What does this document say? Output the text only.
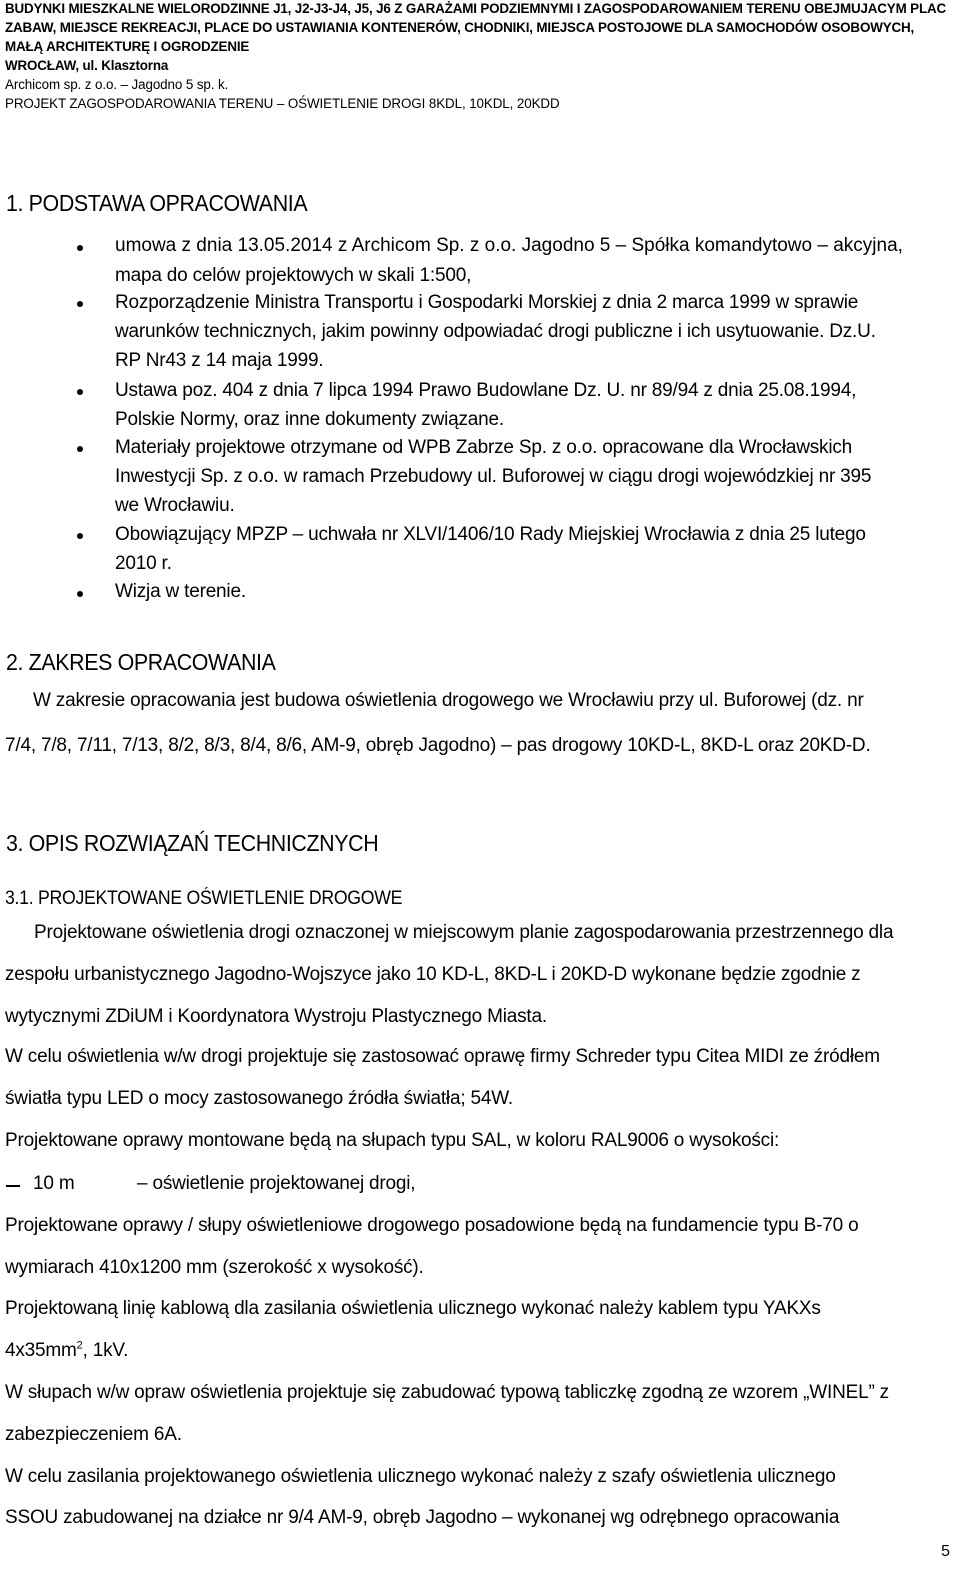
BUDYNKI MIESZKALNE WIELORODZINNE J1, J2-J3-J4, J5, J6 Z GARAŻAMI PODZIEMNYMI I ZAGOSPODAROWANIEM TERENU OBEJMUJACYM PLAC
ZABAW, MIEJSCE REKREACJI, PLACE DO USTAWIANIA KONTENERÓW, CHODNIKI, MIEJSCA POSTOJOWE DLA SAMOCHODÓW OSOBOWYCH,
MAŁĄ ARCHITEKTURĘ I OGRODZENIE
WROCŁAW, ul. Klasztorna
Archicom sp. z o.o. – Jagodno 5 sp. k.
PROJEKT ZAGOSPODAROWANIA TERENU – OŚWIETLENIE DROGI 8KDL, 10KDL, 20KDD
1. PODSTAWA OPRACOWANIA
umowa z dnia 13.05.2014 z Archicom Sp. z o.o. Jagodno 5 – Spółka komandytowo – akcyjna,
mapa do celów projektowych w skali 1:500,
Rozporządzenie Ministra Transportu i Gospodarki Morskiej z dnia 2 marca 1999 w sprawie
warunków technicznych, jakim powinny odpowiadać drogi publiczne i ich usytuowanie. Dz.U.
RP Nr43 z 14 maja 1999.
Ustawa poz. 404 z dnia 7 lipca 1994 Prawo Budowlane Dz. U. nr 89/94 z dnia 25.08.1994,
Polskie Normy, oraz inne dokumenty związane.
Materiały projektowe otrzymane od WPB Zabrze Sp. z o.o. opracowane dla Wrocławskich
Inwestycji Sp. z o.o. w ramach Przebudowy ul. Buforowej w ciągu drogi wojewódzkiej nr 395
we Wrocławiu.
Obowiązujący MPZP – uchwała nr XLVI/1406/10 Rady Miejskiej Wrocławia z dnia 25 lutego
2010 r.
Wizja w terenie.
2. ZAKRES OPRACOWANIA
W zakresie opracowania jest budowa oświetlenia drogowego we Wrocławiu przy ul. Buforowej (dz. nr
7/4, 7/8, 7/11, 7/13, 8/2, 8/3, 8/4, 8/6, AM-9, obręb Jagodno) – pas drogowy 10KD-L, 8KD-L oraz 20KD-D.
3. OPIS ROZWIĄZAŃ TECHNICZNYCH
3.1. PROJEKTOWANE OŚWIETLENIE DROGOWE
Projektowane oświetlenia drogi oznaczonej w miejscowym planie zagospodarowania przestrzennego dla
zespołu urbanistycznego Jagodno-Wojszyce jako 10 KD-L, 8KD-L i 20KD-D wykonane będzie zgodnie z
wytycznymi ZDiUM i Koordynatora Wystroju Plastycznego Miasta.
W celu oświetlenia w/w drogi projektuje się zastosować oprawę firmy Schreder typu Citea MIDI ze źródłem
światła typu LED o mocy zastosowanego źródła światła; 54W.
Projektowane oprawy montowane będą na słupach typu SAL, w koloru RAL9006 o wysokości:
10 m	– oświetlenie projektowanej drogi,
Projektowane oprawy / słupy oświetleniowe drogowego posadowione będą na fundamencie typu B-70 o
wymiarach 410x1200 mm (szerokość x wysokość).
Projektowaną linię kablową dla zasilania oświetlenia ulicznego wykonać należy kablem typu YAKXs
$4x35mm^2$, 1kV.
W słupach w/w opraw oświetlenia projektuje się zabudować typową tabliczkę zgodną ze wzorem „WINEL” z
zabezpieczeniem 6A.
W celu zasilania projektowanego oświetlenia ulicznego wykonać należy z szafy oświetlenia ulicznego
SSOU zabudowanej na działce nr 9/4 AM-9, obręb Jagodno – wykonanej wg odrębnego opracowania
5
